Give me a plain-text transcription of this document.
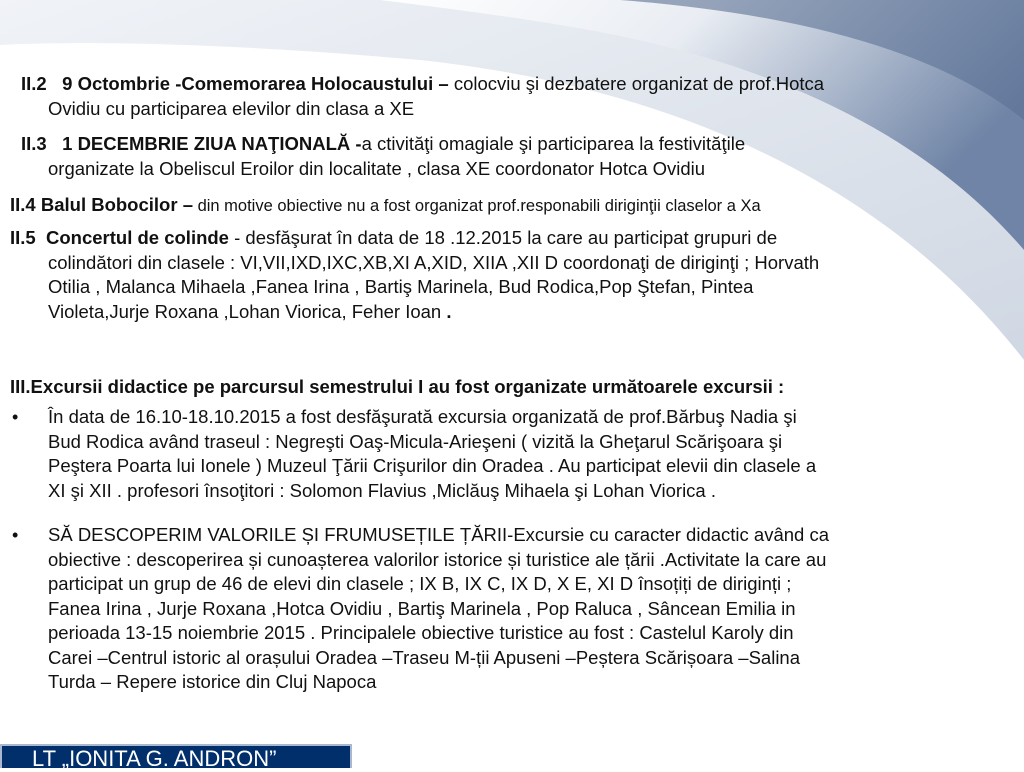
II.2 9 Octombrie -Comemorarea Holocaustului – colocviu şi dezbatere organizat de prof.Hotca
Ovidiu cu participarea elevilor din clasa a XE
II.3 1 DECEMBRIE ZIUA NAŢIONALĂ -a ctivităţi omagiale şi participarea la festivităţile
organizate la Obeliscul Eroilor din localitate , clasa XE coordonator Hotca Ovidiu
II.4 Balul Bobocilor – din motive obiective nu a fost organizat prof.responabili diriginţii claselor a Xa
II.5 Concertul de colinde - desfăşurat în data de 18 .12.2015 la care au participat grupuri de
colindători din clasele : VI,VII,IXD,IXC,XB,XI A,XID, XIIA ,XII D coordonaţi de diriginţi ; Horvath
Otilia , Malanca Mihaela ,Fanea Irina , Bartiş Marinela, Bud Rodica,Pop Ştefan, Pintea
Violeta,Jurje Roxana ,Lohan Viorica, Feher Ioan .
III.Excursii didactice pe parcursul semestrului I au fost organizate următoarele excursii :
•	În data de 16.10-18.10.2015 a fost desfăşurată excursia organizată de prof.Bărbuş Nadia şi
Bud Rodica având traseul : Negreşti Oaş-Micula-Arieşeni ( vizită la Gheţarul Scărişoara şi
Peştera Poarta lui Ionele ) Muzeul Ţării Crişurilor din Oradea . Au participat elevii din clasele a
XI şi XII . profesori însoţitori : Solomon Flavius ,Miclăuş Mihaela şi Lohan Viorica .
•	SĂ DESCOPERIM VALORILE ȘI FRUMUSEȚILE ȚĂRII-Excursie cu caracter didactic având ca
obiective : descoperirea și cunoașterea valorilor istorice și turistice ale țării .Activitate la care au
participat un grup de 46 de elevi din clasele ; IX B, IX C, IX D, X E, XI D însoțiți de diriginți ;
Fanea Irina , Jurje Roxana ,Hotca Ovidiu , Bartiş Marinela , Pop Raluca , Sâncean Emilia in
perioada 13-15 noiembrie 2015 . Principalele obiective turistice au fost : Castelul Karoly din
Carei –Centrul istoric al orașului Oradea –Traseu M-ții Apuseni –Peștera Scărișoara –Salina
Turda – Repere istorice din Cluj Napoca
LT „IONITA G. ANDRON”
